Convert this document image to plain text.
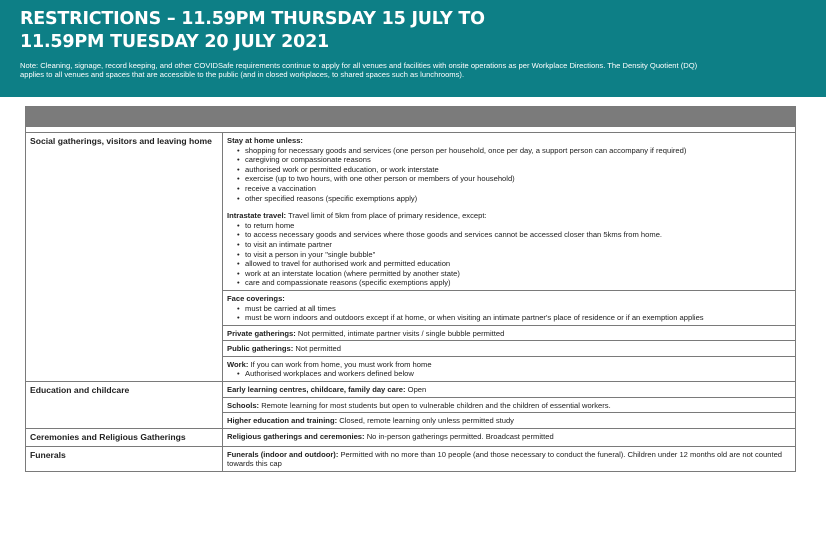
RESTRICTIONS – 11.59PM THURSDAY 15 JULY TO
11.59PM TUESDAY 20 JULY 2021

Note: Cleaning, signage, record keeping, and other COVIDSafe requirements continue to apply for all venues and facilities with onsite operations as per Workplace Directions. The Density Quotient (DQ) applies to all venues and spaces that are accessible to the public (and in closed workplaces, to shared spaces such as lunchrooms).

Social gatherings, visitors and leaving home	Stay at home unless:
• shopping for necessary goods and services (one person per household, once per day, a support person can accompany if required)
• caregiving or compassionate reasons
• authorised work or permitted education, or work interstate
• exercise (up to two hours, with one other person or members of your household)
• receive a vaccination
• other specified reasons (specific exemptions apply)
Intrastate travel: Travel limit of 5km from place of primary residence, except:
• to return home
• to access necessary goods and services where those goods and services cannot be accessed closer than 5kms from home.
• to visit an intimate partner
• to visit a person in your "single bubble"
• allowed to travel for authorised work and permitted education
• work at an interstate location (where permitted by another state)
• care and compassionate reasons (specific exemptions apply)
Face coverings:
• must be carried at all times
• must be worn indoors and outdoors except if at home, or when visiting an intimate partner's place of residence or if an exemption applies
Private gatherings: Not permitted, intimate partner visits / single bubble permitted
Public gatherings: Not permitted
Work: If you can work from home, you must work from home
• Authorised workplaces and workers defined below
Education and childcare	Early learning centres, childcare, family day care: Open
Schools: Remote learning for most students but open to vulnerable children and the children of essential workers.
Higher education and training: Closed, remote learning only unless permitted study
Ceremonies and Religious Gatherings	Religious gatherings and ceremonies: No in-person gatherings permitted. Broadcast permitted
Funerals	Funerals (indoor and outdoor): Permitted with no more than 10 people (and those necessary to conduct the funeral). Children under 12 months old are not counted towards this cap
